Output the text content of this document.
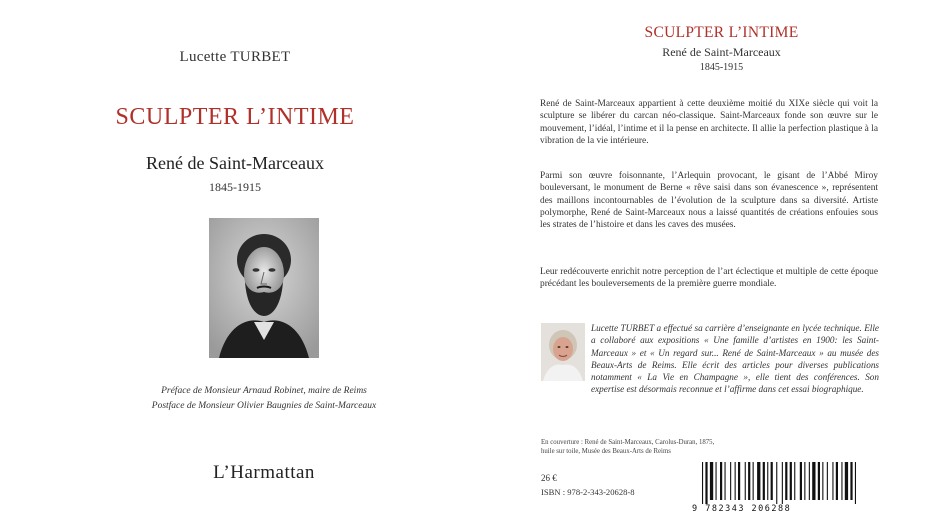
Lucette TURBET
SCULPTER L’INTIME
René de Saint-Marceaux
1845-1915
Préface de Monsieur Arnaud Robinet, maire de Reims
Postface de Monsieur Olivier Baugnies de Saint-Marceaux
L’Harmattan
SCULPTER L’INTIME
René de Saint-Marceaux
1845-1915
René de Saint-Marceaux appartient à cette deuxième moitié du XIXe siècle qui voit la sculpture se libérer du carcan néo-classique. Saint-Marceaux fonde son œuvre sur le mouvement, l’idéal, l’intime et il la pense en architecte. Il allie la perfection plastique à la vibration de la vie intérieure.
Parmi son œuvre foisonnante, l’Arlequin provocant, le gisant de l’Abbé Miroy bouleversant, le monument de Berne « rêve saisi dans son évanescence », représentent des maillons incontournables de l’évolution de la sculpture dans sa diversité. Artiste polymorphe, René de Saint-Marceaux nous a laissé quantités de créations enfouies sous les strates de l’histoire et dans les caves des musées.
Leur redécouverte enrichit notre perception de l’art éclectique et multiple de cette époque précédant les bouleversements de la première guerre mondiale.
Lucette TURBET a effectué sa carrière d’enseignante en lycée technique. Elle a collaboré aux expositions « Une famille d’artistes en 1900: les Saint-Marceaux » et « Un regard sur... René de Saint-Marceaux » au musée des Beaux-Arts de Reims. Elle écrit des articles pour diverses publications notamment « La Vie en Champagne », elle tient des conférences. Son expertise est désormais reconnue et l’affirme dans cet essai biographique.
En couverture : René de Saint-Marceaux, Carolus-Duran, 1875,
huile sur toile, Musée des Beaux-Arts de Reims
26 €
ISBN : 978-2-343-20628-8
9 782343 206288
